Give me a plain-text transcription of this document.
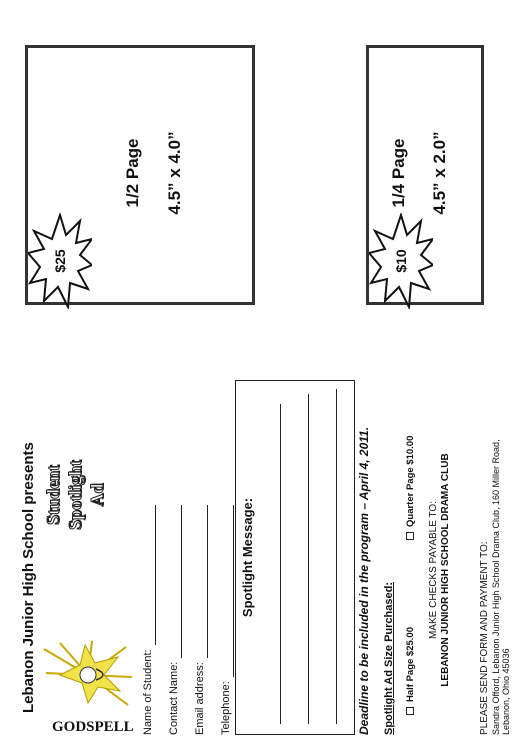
1/2 Page 4.5” x 4.0”
$25
1/4 Page 4.5” x 2.0”
$10
Lebanon Junior High School presents
GODSPELL
Student Spotlight Ad
Name of Student: Contact Name: Email address: Telephone:
Spotlight Message:	Deadline to be included in the program – April 4, 2011. Spotlight Ad Size Purchased: Half Page $25.00
Quarter Page $10.00
MAKE CHECKS PAYABLE TO: LEBANON JUNIOR HIGH SCHOOL DRAMA CLUB	PLEASE SEND FORM AND PAYMENT TO: Sandra Offord, Lebanon Junior High School Drama Club, 160 Miller Road, Lebanon, Ohio 45036
